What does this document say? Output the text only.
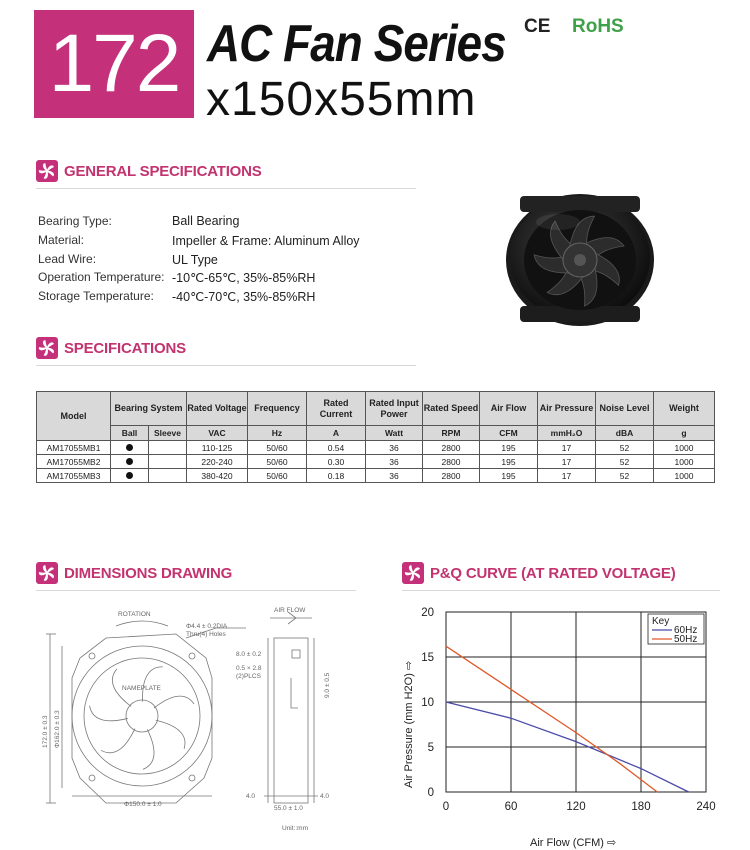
172 AC Fan Series
x150x55mm
CE RoHS
GENERAL SPECIFICATIONS
Bearing Type:	Ball Bearing
Material:	Impeller & Frame: Aluminum Alloy
Lead Wire:	UL Type
Operation Temperature: -10℃-65℃, 35%-85%RH
Storage Temperature: -40℃-70℃, 35%-85%RH
SPECIFICATIONS
Model	Bearing System		Rated Voltage	Frequency	Rated Current	Rated Input Power	Rated Speed	Air Flow	Air Pressure	Noise Level	Weight
	Ball	Sleeve	VAC	Hz	A	Watt	RPM	CFM	mmH₂O	dBA	g
AM17055MB1			110-125	50/60	0.54	36	2800	195	17	52	1000
AM17055MB2			220-240	50/60	0.30	36	2800	195	17	52	1000
AM17055MB3			380-420	50/60	0.18	36	2800	195	17	52	1000
DIMENSIONS DRAWING
ROTATION
AIR FLOW
Φ4.4 ± 0.2DIA
Thru(4) Holes
NAMEPLATE
172.0 ± 0.3 Φ162.0 ± 0.3
Φ150.0 ± 1.0
55.0 ± 1.0
4.0	4.0
8.0 ± 0.2
0.5 × 2.8
(2)PLCS	9.0 ± 0.5
Unit::mm
P&Q CURVE (AT RATED VOLTAGE)
0	60	120	180	240
0
5
10
15
20
Key
60Hz
50Hz
Air Pressure (mm H2O) ⇨
Air Flow (CFM) ⇨
